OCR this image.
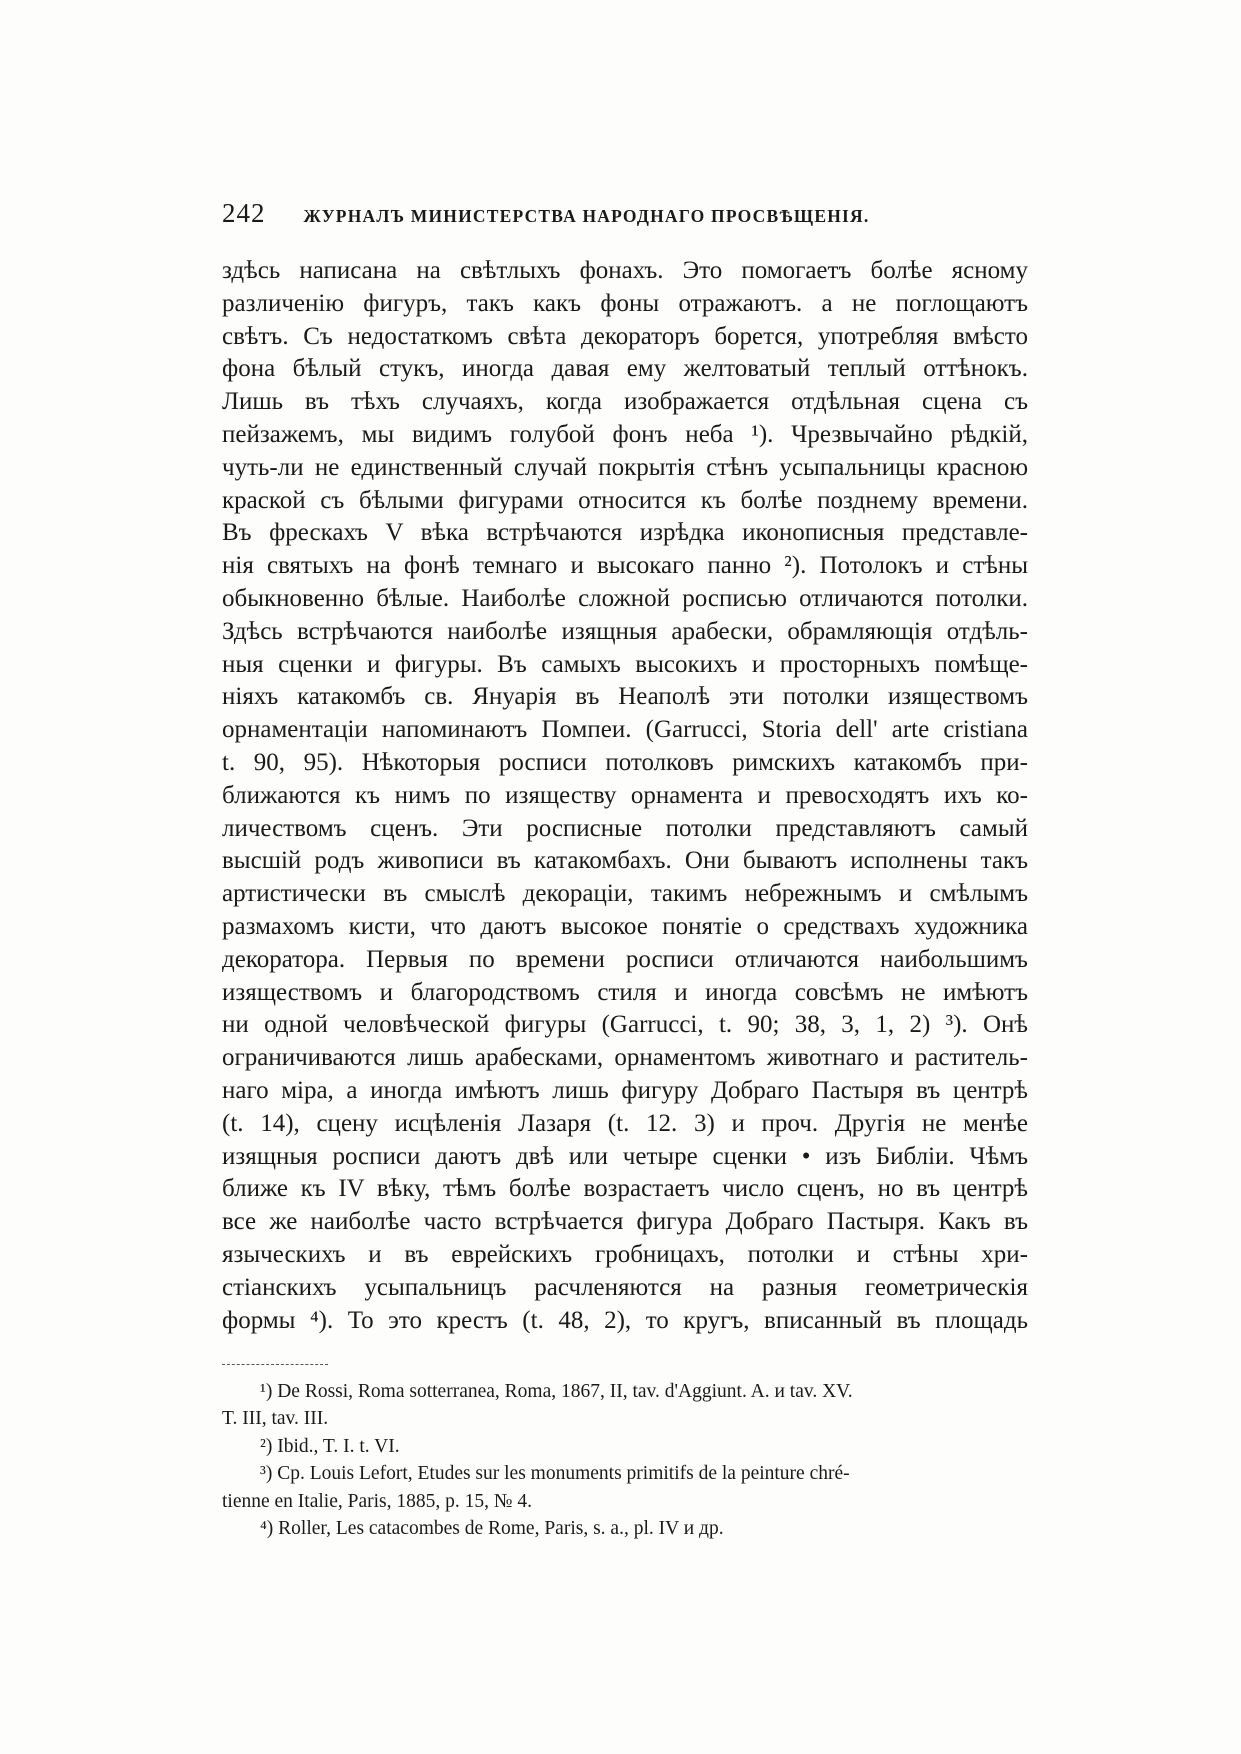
242 ЖУРНАЛЪ МИНИСТЕРСТВА НАРОДНАГО ПРОСВѢЩЕНІЯ.
здѣсь написана на свѣтлыхъ фонахъ. Это помогаетъ болѣе ясному
различенію фигуръ, такъ какъ фоны отражаютъ. а не поглощаютъ
свѣтъ. Съ недостаткомъ свѣта декораторъ борется, употребляя вмѣсто
фона бѣлый стукъ, иногда давая ему желтоватый теплый оттѣнокъ.
Лишь въ тѣхъ случаяхъ, когда изображается отдѣльная сцена съ
пейзажемъ, мы видимъ голубой фонъ неба ¹). Чрезвычайно рѣдкій,
чуть-ли не единственный случай покрытія стѣнъ усыпальницы красною
краской съ бѣлыми фигурами относится къ болѣе позднему времени.
Въ фрескахъ V вѣка встрѣчаются изрѣдка иконописныя представле-
нія святыхъ на фонѣ темнаго и высокаго панно ²). Потолокъ и стѣны
обыкновенно бѣлые. Наиболѣе сложной росписью отличаются потолки.
Здѣсь встрѣчаются наиболѣе изящныя арабески, обрамляющія отдѣль-
ныя сценки и фигуры. Въ самыхъ высокихъ и просторныхъ помѣще-
ніяхъ катакомбъ св. Януарія въ Неаполѣ эти потолки изяществомъ
орнаментаціи напоминаютъ Помпеи. (Garrucci, Storia dell' arte cristiana
t. 90, 95). Нѣкоторыя росписи потолковъ римскихъ катакомбъ при-
ближаются къ нимъ по изяществу орнамента и превосходятъ ихъ ко-
личествомъ сценъ. Эти росписные потолки представляютъ самый
высшій родъ живописи въ катакомбахъ. Они бываютъ исполнены такъ
артистически въ смыслѣ декораціи, такимъ небрежнымъ и смѣлымъ
размахомъ кисти, что даютъ высокое понятіе о средствахъ художника
декоратора. Первыя по времени росписи отличаются наибольшимъ
изяществомъ и благородствомъ стиля и иногда совсѣмъ не имѣютъ
ни одной человѣческой фигуры (Garrucci, t. 90; 38, 3, 1, 2) ³). Онѣ
ограничиваются лишь арабесками, орнаментомъ животнаго и раститель-
наго міра, а иногда имѣютъ лишь фигуру Добраго Пастыря въ центрѣ
(t. 14), сцену исцѣленія Лазаря (t. 12. 3) и проч. Другія не менѣе
изящныя росписи даютъ двѣ или четыре сценки • изъ Библіи. Чѣмъ
ближе къ IV вѣку, тѣмъ болѣе возрастаетъ число сценъ, но въ центрѣ
все же наиболѣе часто встрѣчается фигура Добраго Пастыря. Какъ въ
языческихъ и въ еврейскихъ гробницахъ, потолки и стѣны хри-
стіанскихъ усыпальницъ расчленяются на разныя геометрическія
формы ⁴). То это крестъ (t. 48, 2), то кругъ, вписанный въ площадь
¹) De Rossi, Roma sotterranea, Roma, 1867, II, tav. d'Aggiunt. A. и tav. XV.
T. III, tav. III.
²) Ibid., T. I. t. VI.
³) Cp. Louis Lefort, Etudes sur les monuments primitifs de la peinture chré-
tienne en Italie, Paris, 1885, p. 15, № 4.
⁴) Roller, Les catacombes de Rome, Paris, s. a., pl. IV и др.
